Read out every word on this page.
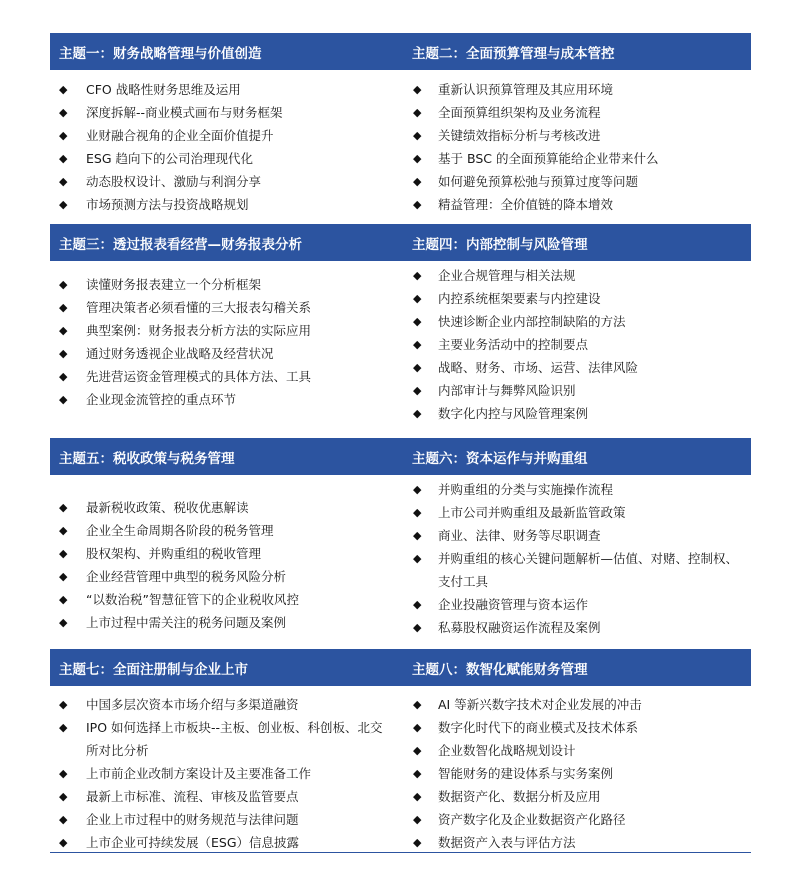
主题一：财务战略管理与价值创造	主题二：全面预算管理与成本管控
◆ CFO 战略性财务思维及运用
◆ 深度拆解--商业模式画布与财务框架
◆ 业财融合视角的企业全面价值提升
◆ ESG 趋向下的公司治理现代化
◆ 动态股权设计、激励与利润分享
◆ 市场预测方法与投资战略规划
◆ 重新认识预算管理及其应用环境
◆ 全面预算组织架构及业务流程
◆ 关键绩效指标分析与考核改进
◆ 基于 BSC 的全面预算能给企业带来什么
◆ 如何避免预算松弛与预算过度等问题
◆ 精益管理：全价值链的降本增效
主题三：透过报表看经营—财务报表分析	主题四：内部控制与风险管理
◆ 读懂财务报表建立一个分析框架
◆ 管理决策者必须看懂的三大报表勾稽关系
◆ 典型案例：财务报表分析方法的实际应用
◆ 通过财务透视企业战略及经营状况
◆ 先进营运资金管理模式的具体方法、工具
◆ 企业现金流管控的重点环节
◆ 企业合规管理与相关法规
◆ 内控系统框架要素与内控建设
◆ 快速诊断企业内部控制缺陷的方法
◆ 主要业务活动中的控制要点
◆ 战略、财务、市场、运营、法律风险
◆ 内部审计与舞弊风险识别
◆ 数字化内控与风险管理案例
主题五：税收政策与税务管理	主题六：资本运作与并购重组
◆ 最新税收政策、税收优惠解读
◆ 企业全生命周期各阶段的税务管理
◆ 股权架构、并购重组的税收管理
◆ 企业经营管理中典型的税务风险分析
◆ “以数治税”智慧征管下的企业税收风控
◆ 上市过程中需关注的税务问题及案例
◆ 并购重组的分类与实施操作流程
◆ 上市公司并购重组及最新监管政策
◆ 商业、法律、财务等尽职调查
◆ 并购重组的核心关键问题解析—估值、对赌、控制权、支付工具
◆ 企业投融资管理与资本运作
◆ 私募股权融资运作流程及案例
主题七：全面注册制与企业上市	主题八：数智化赋能财务管理
◆ 中国多层次资本市场介绍与多渠道融资
◆ IPO 如何选择上市板块--主板、创业板、科创板、北交所对比分析
◆ 上市前企业改制方案设计及主要准备工作
◆ 最新上市标准、流程、审核及监管要点
◆ 企业上市过程中的财务规范与法律问题
◆ 上市企业可持续发展（ESG）信息披露
◆ AI 等新兴数字技术对企业发展的冲击
◆ 数字化时代下的商业模式及技术体系
◆ 企业数智化战略规划设计
◆ 智能财务的建设体系与实务案例
◆ 数据资产化、数据分析及应用
◆ 资产数字化及企业数据资产化路径
◆ 数据资产入表与评估方法
